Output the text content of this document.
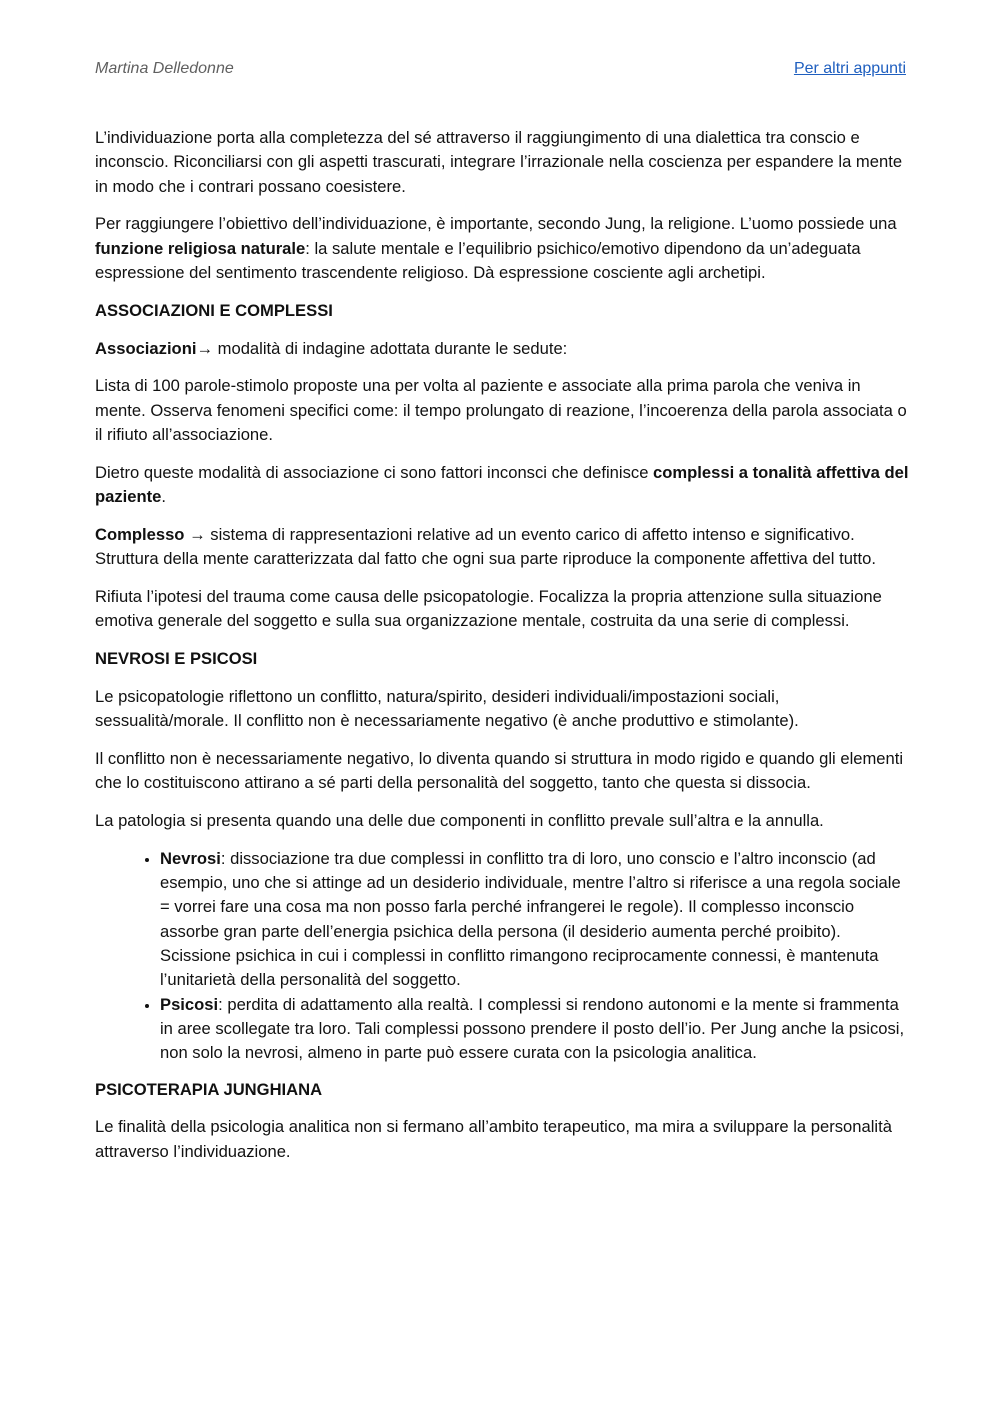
Martina Delledonne	Per altri appunti

L’individuazione porta alla completezza del sé attraverso il raggiungimento di una dialettica tra conscio e inconscio. Riconciliarsi con gli aspetti trascurati, integrare l’irrazionale nella coscienza per espandere la mente in modo che i contrari possano coesistere.

Per raggiungere l’obiettivo dell’individuazione, è importante, secondo Jung, la religione. L’uomo possiede una funzione religiosa naturale: la salute mentale e l’equilibrio psichico/emotivo dipendono da un’adeguata espressione del sentimento trascendente religioso. Dà espressione cosciente agli archetipi.

ASSOCIAZIONI E COMPLESSI

Associazioni→ modalità di indagine adottata durante le sedute:

Lista di 100 parole-stimolo proposte una per volta al paziente e associate alla prima parola che veniva in mente. Osserva fenomeni specifici come: il tempo prolungato di reazione, l’incoerenza della parola associata o il rifiuto all’associazione.

Dietro queste modalità di associazione ci sono fattori inconsci che definisce complessi a tonalità affettiva del paziente.

Complesso → sistema di rappresentazioni relative ad un evento carico di affetto intenso e significativo. Struttura della mente caratterizzata dal fatto che ogni sua parte riproduce la componente affettiva del tutto.

Rifiuta l’ipotesi del trauma come causa delle psicopatologie. Focalizza la propria attenzione sulla situazione emotiva generale del soggetto e sulla sua organizzazione mentale, costruita da una serie di complessi.

NEVROSI E PSICOSI

Le psicopatologie riflettono un conflitto, natura/spirito, desideri individuali/impostazioni sociali, sessualità/morale. Il conflitto non è necessariamente negativo (è anche produttivo e stimolante).

Il conflitto non è necessariamente negativo, lo diventa quando si struttura in modo rigido e quando gli elementi che lo costituiscono attirano a sé parti della personalità del soggetto, tanto che questa si dissocia.

La patologia si presenta quando una delle due componenti in conflitto prevale sull’altra e la annulla.

• Nevrosi: dissociazione tra due complessi in conflitto tra di loro, uno conscio e l’altro inconscio (ad esempio, uno che si attinge ad un desiderio individuale, mentre l’altro si riferisce a una regola sociale = vorrei fare una cosa ma non posso farla perché infrangerei le regole). Il complesso inconscio assorbe gran parte dell’energia psichica della persona (il desiderio aumenta perché proibito). Scissione psichica in cui i complessi in conflitto rimangono reciprocamente connessi, è mantenuta l’unitarietà della personalità del soggetto.
• Psicosi: perdita di adattamento alla realtà. I complessi si rendono autonomi e la mente si frammenta in aree scollegate tra loro. Tali complessi possono prendere il posto dell’io. Per Jung anche la psicosi, non solo la nevrosi, almeno in parte può essere curata con la psicologia analitica.
PSICOTERAPIA JUNGHIANA

Le finalità della psicologia analitica non si fermano all’ambito terapeutico, ma mira a sviluppare la personalità attraverso l’individuazione.
